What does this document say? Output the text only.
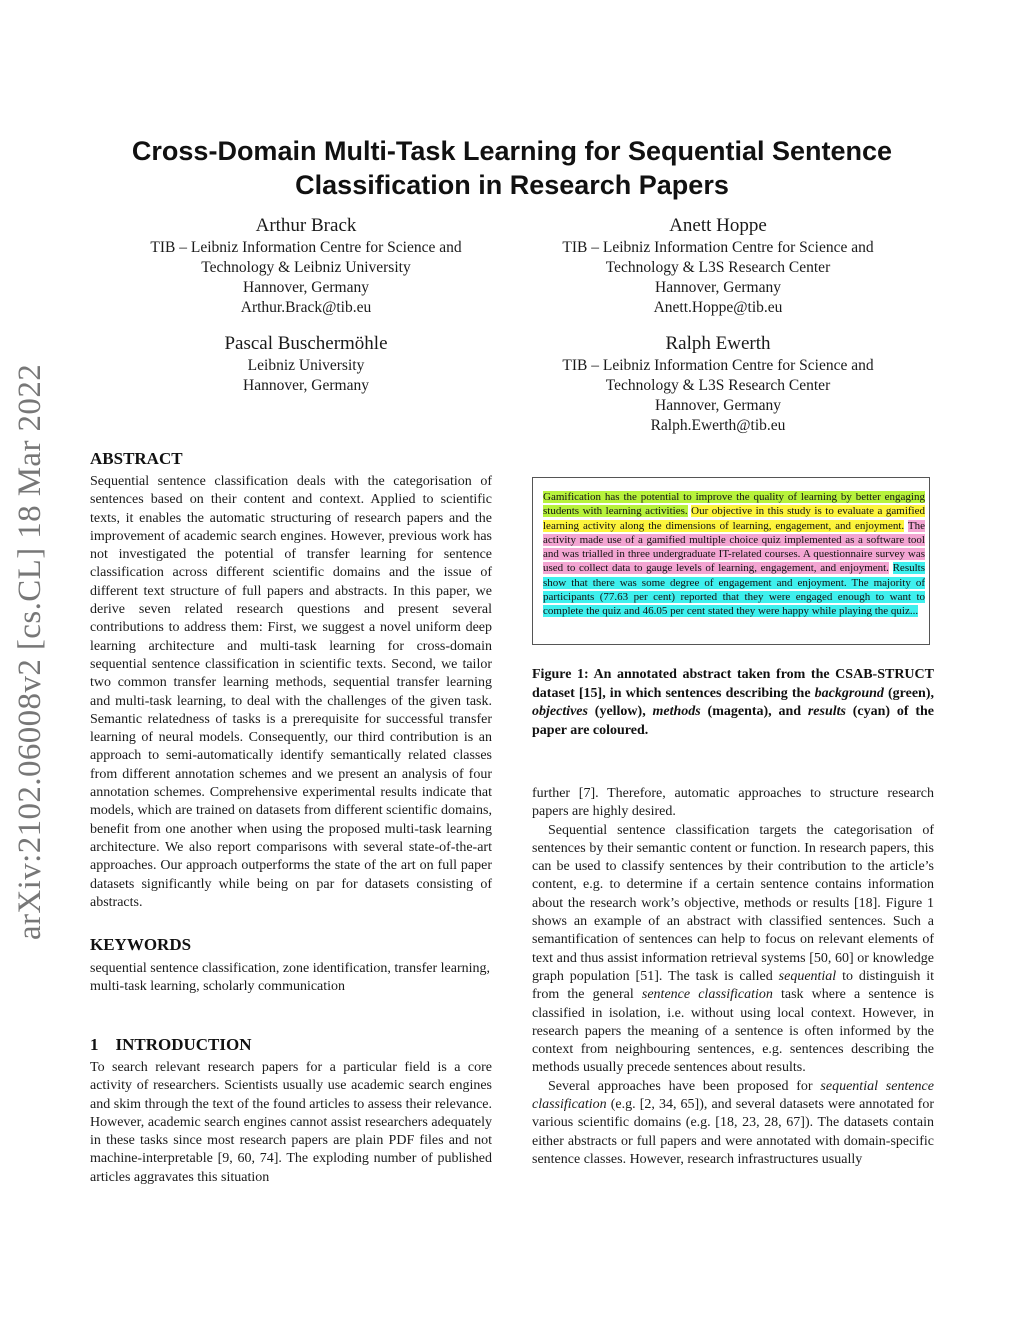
Cross-Domain Multi-Task Learning for Sequential Sentence Classification in Research Papers
Arthur Brack
TIB – Leibniz Information Centre for Science and
Technology & Leibniz University
Hannover, Germany
Arthur.Brack@tib.eu
Anett Hoppe
TIB – Leibniz Information Centre for Science and
Technology & L3S Research Center
Hannover, Germany
Anett.Hoppe@tib.eu
Pascal Buschermöhle
Leibniz University
Hannover, Germany
Ralph Ewerth
TIB – Leibniz Information Centre for Science and
Technology & L3S Research Center
Hannover, Germany
Ralph.Ewerth@tib.eu
arXiv:2102.06008v2 [cs.CL] 18 Mar 2022 ABSTRACT
Sequential sentence classification deals with the categorisation of sentences based on their content and context. Applied to scientific texts, it enables the automatic structuring of research papers and the improvement of academic search engines. However, previous work has not investigated the potential of transfer learning for sentence classification across different scientific domains and the issue of different text structure of full papers and abstracts. In this paper, we derive seven related research questions and present several contributions to address them: First, we suggest a novel uniform deep learning architecture and multi-task learning for cross-domain sequential sentence classification in scientific texts. Second, we tailor two common transfer learning methods, sequential transfer learning and multi-task learning, to deal with the challenges of the given task. Semantic relatedness of tasks is a prerequisite for successful transfer learning of neural models. Consequently, our third contribution is an approach to semi-automatically identify semantically related classes from different annotation schemes and we present an analysis of four annotation schemes. Comprehensive experimental results indicate that models, which are trained on datasets from different scientific domains, benefit from one another when using the proposed multi-task learning architecture. We also report comparisons with several state-of-the-art approaches. Our approach outperforms the state of the art on full paper datasets significantly while being on par for datasets consisting of abstracts.
KEYWORDS
sequential sentence classification, zone identification, transfer learning, multi-task learning, scholarly communication
1 INTRODUCTION
To search relevant research papers for a particular field is a core activity of researchers. Scientists usually use academic search engines and skim through the text of the found articles to assess their relevance. However, academic search engines cannot assist researchers adequately in these tasks since most research papers are plain PDF files and not machine-interpretable [9, 60, 74]. The exploding number of published articles aggravates this situation
Gamification has the potential to improve the quality of learning by better engaging students with learning activities. Our objective in this study is to evaluate a gamified learning activity along the dimensions of learning, engagement, and enjoyment. The activity made use of a gamified multiple choice quiz implemented as a software tool and was trialled in three undergraduate IT-related courses. A questionnaire survey was used to collect data to gauge levels of learning, engagement, and enjoyment. Results show that there was some degree of engagement and enjoyment. The majority of participants (77.63 per cent) reported that they were engaged enough to want to complete the quiz and 46.05 per cent stated they were happy while playing the quiz...
Figure 1: An annotated abstract taken from the CSAB-STRUCT dataset [15], in which sentences describing the background (green), objectives (yellow), methods (magenta), and results (cyan) of the paper are coloured.

further [7]. Therefore, automatic approaches to structure research papers are highly desired.

Sequential sentence classification targets the categorisation of sentences by their semantic content or function. In research papers, this can be used to classify sentences by their contribution to the article’s content, e.g. to determine if a certain sentence contains information about the research work’s objective, methods or results [18]. Figure 1 shows an example of an abstract with classified sentences. Such a semantification of sentences can help to focus on relevant elements of text and thus assist information retrieval systems [50, 60] or knowledge graph population [51]. The task is called sequential to distinguish it from the general sentence classification task where a sentence is classified in isolation, i.e. without using local context. However, in research papers the meaning of a sentence is often informed by the context from neighbouring sentences, e.g. sentences describing the methods usually precede sentences about results.

Several approaches have been proposed for sequential sentence classification (e.g. [2, 34, 65]), and several datasets were annotated for various scientific domains (e.g. [18, 23, 28, 67]). The datasets contain either abstracts or full papers and were annotated with domain-specific sentence classes. However, research infrastructures usually
